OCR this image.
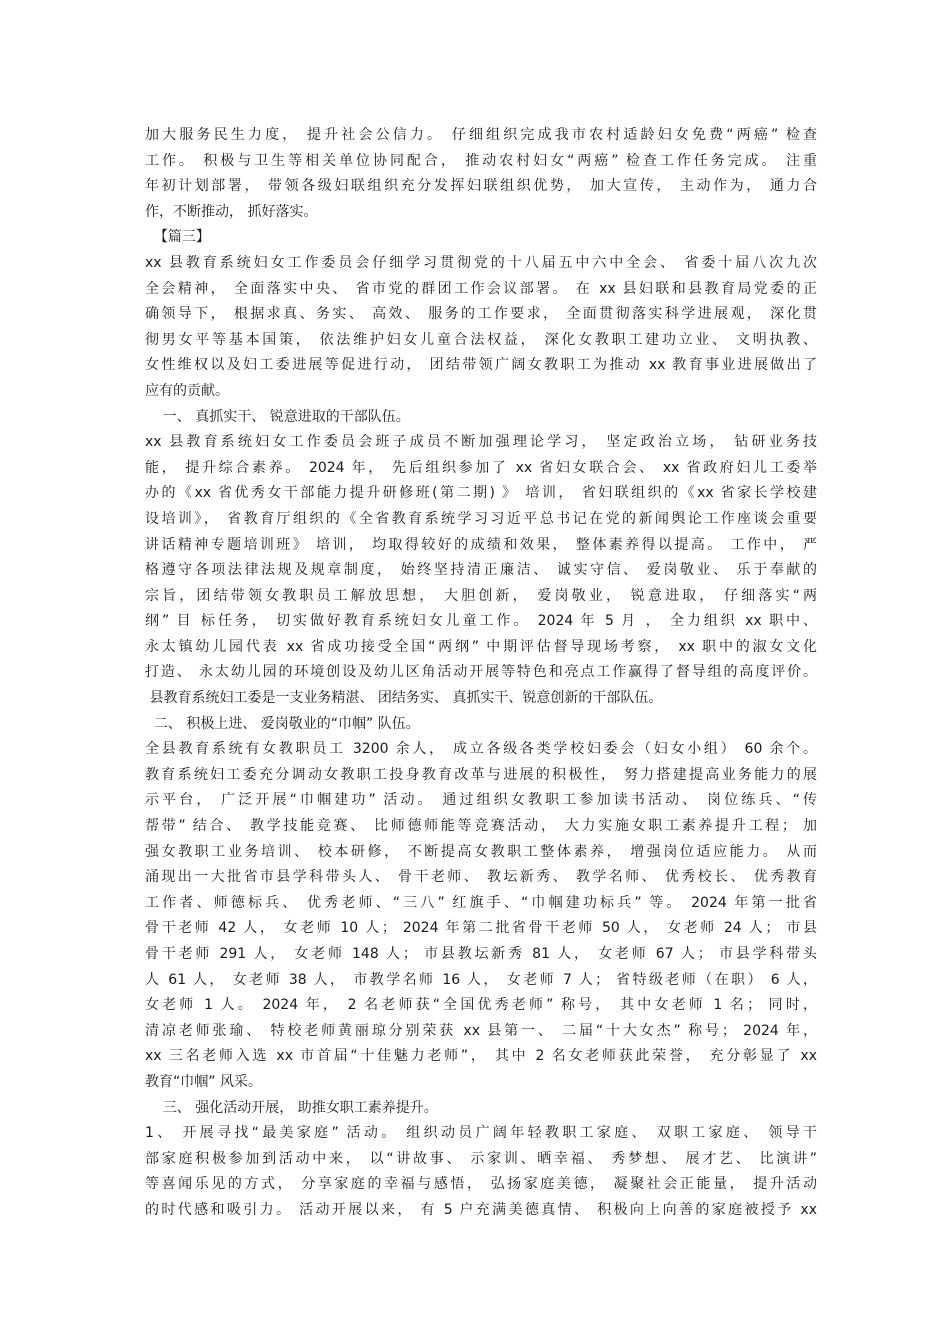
加大服务民生力度， 提升社会公信力。 仔细组织完成我市农村适龄妇女免费“两癌” 检查
工作。 积极与卫生等相关单位协同配合， 推动农村妇女“两癌” 检查工作任务完成。 注重
年初计划部署， 带领各级妇联组织充分发挥妇联组织优势， 加大宣传， 主动作为， 通力合
作，不断推动， 抓好落实。
【篇三】
xx 县教育系统妇女工作委员会仔细学习贯彻党的十八届五中六中全会、 省委十届八次九次
全会精神， 全面落实中央、 省市党的群团工作会议部署。 在 xx 县妇联和县教育局党委的正
确领导下， 根据求真、务实、 高效、 服务的工作要求， 全面贯彻落实科学进展观， 深化贯
彻男女平等基本国策， 依法维护妇女儿童合法权益， 深化女教职工建功立业、 文明执教、
女性维权以及妇工委进展等促进行动， 团结带领广阔女教职工为推动 xx 教育事业进展做出了
应有的贡献。
一、 真抓实干、 锐意进取的干部队伍。
xx 县教育系统妇女工作委员会班子成员不断加强理论学习， 坚定政治立场， 钻研业务技
能， 提升综合素养。 2024 年， 先后组织参加了 xx 省妇女联合会、 xx 省政府妇儿工委举
办的《xx 省优秀女干部能力提升研修班(第二期) 》 培训， 省妇联组织的《xx 省家长学校建
设培训》， 省教育厅组织的《全省教育系统学习习近平总书记在党的新闻舆论工作座谈会重要
讲话精神专题培训班》 培训， 均取得较好的成绩和效果， 整体素养得以提高。 工作中， 严
格遵守各项法律法规及规章制度， 始终坚持清正廉洁、 诚实守信、 爱岗敬业、 乐于奉献的
宗旨，团结带领女教职员工解放思想， 大胆创新， 爱岗敬业， 锐意进取， 仔细落实“两
纲” 目 标任务， 切实做好教育系统妇女儿童工作。 2024 年 5 月 ， 全力组织 xx 职中、
永太镇幼儿园代表 xx 省成功接受全国“两纲” 中期评估督导现场考察， xx 职中的淑女文化
打造、 永太幼儿园的环境创设及幼儿区角活动开展等特色和亮点工作赢得了督导组的高度评价。
县教育系统妇工委是一支业务精湛、 团结务实、 真抓实干、锐意创新的干部队伍。
二、 积极上进、 爱岗敬业的“巾帼” 队伍。
全县教育系统有女教职员工 3200 余人， 成立各级各类学校妇委会（妇女小组） 60 余个。
教育系统妇工委充分调动女教职工投身教育改革与进展的积极性， 努力搭建提高业务能力的展
示平台， 广泛开展“巾帼建功” 活动。 通过组织女教职工参加读书活动、 岗位练兵、“传
帮带” 结合、 教学技能竞赛、 比师德师能等竞赛活动， 大力实施女职工素养提升工程； 加
强女教职工业务培训、 校本研修， 不断提高女教职工整体素养， 增强岗位适应能力。 从而
涌现出一大批省市县学科带头人、 骨干老师、 教坛新秀、 教学名师、 优秀校长、 优秀教育
工作者、师德标兵、 优秀老师、“三八” 红旗手、“巾帼建功标兵” 等。 2024 年第一批省
骨干老师 42 人， 女老师 10 人； 2024 年第二批省骨干老师 50 人， 女老师 24 人； 市县
骨干老师 291 人， 女老师 148 人； 市县教坛新秀 81 人， 女老师 67 人； 市县学科带头
人 61 人， 女老师 38 人， 市教学名师 16 人， 女老师 7 人； 省特级老师（在职） 6 人，
女老师 1 人。 2024 年， 2 名老师获“全国优秀老师” 称号， 其中女老师 1 名； 同时，
清凉老师张瑜、 特校老师黄丽琼分别荣获 xx 县第一、 二届“十大女杰” 称号； 2024 年，
xx 三名老师入选 xx 市首届“十佳魅力老师”， 其中 2 名女老师获此荣誉， 充分彰显了 xx
教育“巾帼” 风采。
三、 强化活动开展， 助推女职工素养提升。
1、 开展寻找“最美家庭” 活动。 组织动员广阔年轻教职工家庭、 双职工家庭、 领导干
部家庭积极参加到活动中来， 以“讲故事、 示家训、晒幸福、 秀梦想、 展才艺、 比演讲”
等喜闻乐见的方式， 分享家庭的幸福与感悟， 弘扬家庭美德， 凝聚社会正能量， 提升活动
的时代感和吸引力。 活动开展以来， 有 5 户充满美德真情、 积极向上向善的家庭被授予 xx
